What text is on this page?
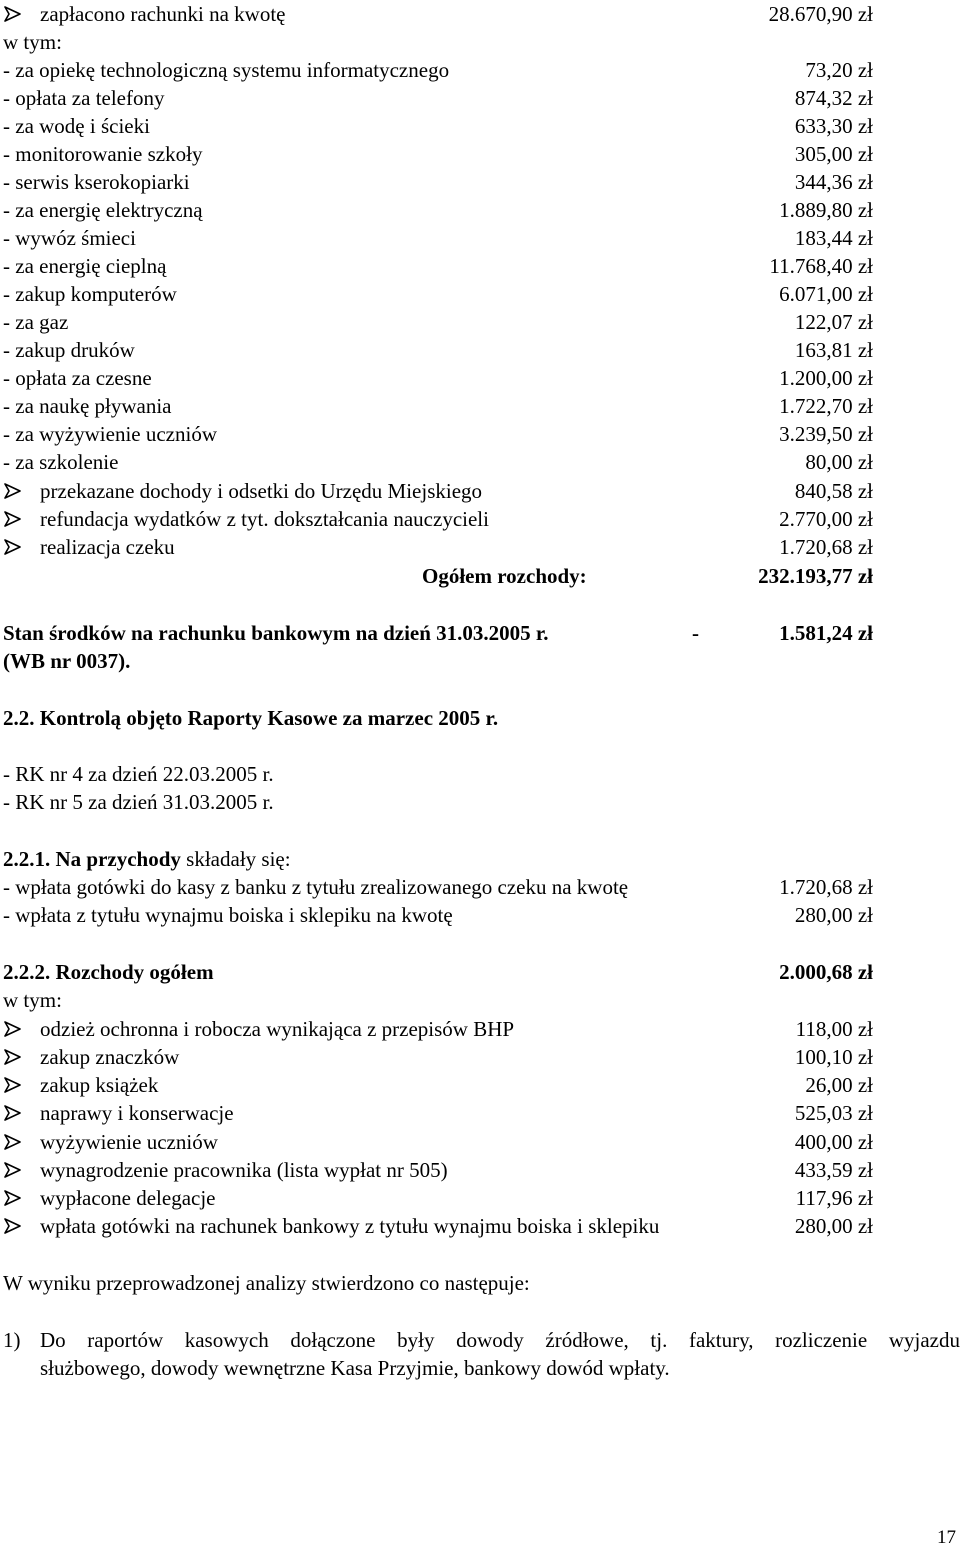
zapłacono rachunki na kwotę	28.670,90 zł
w tym:
- za opiekę technologiczną systemu informatycznego	73,20 zł
- opłata za telefony	874,32 zł
- za wodę i ścieki	633,30 zł
- monitorowanie szkoły	305,00 zł
- serwis kserokopiarki	344,36 zł
- za energię elektryczną	1.889,80 zł
- wywóz śmieci	183,44 zł
- za energię cieplną	11.768,40 zł
- zakup komputerów	6.071,00 zł
- za gaz	122,07 zł
- zakup druków	163,81 zł
- opłata za czesne	1.200,00 zł
- za naukę pływania	1.722,70 zł
- za wyżywienie uczniów	3.239,50 zł
- za szkolenie	80,00 zł
przekazane dochody i odsetki do Urzędu Miejskiego	840,58 zł
refundacja wydatków z tyt. dokształcania nauczycieli	2.770,00 zł
realizacja czeku	1.720,68 zł
Ogółem rozchody:	232.193,77 zł
Stan środków na rachunku bankowym na dzień 31.03.2005 r.	-	1.581,24 zł
(WB nr 0037).
2.2. Kontrolą objęto Raporty Kasowe za marzec 2005 r.
- RK nr 4 za dzień 22.03.2005 r.
- RK nr 5 za dzień 31.03.2005 r.
2.2.1. Na przychody składały się:
- wpłata gotówki do kasy z banku z tytułu zrealizowanego czeku na kwotę	1.720,68 zł
- wpłata z tytułu wynajmu boiska i sklepiku na kwotę	280,00 zł
2.2.2. Rozchody ogółem	2.000,68 zł
w tym:
odzież ochronna i robocza wynikająca z przepisów BHP	118,00 zł
zakup znaczków	100,10 zł
zakup książek	26,00 zł
naprawy i konserwacje	525,03 zł
wyżywienie uczniów	400,00 zł
wynagrodzenie pracownika (lista wypłat nr 505)	433,59 zł
wypłacone delegacje	117,96 zł
wpłata gotówki na rachunek bankowy z tytułu wynajmu boiska i sklepiku	280,00 zł
W wyniku przeprowadzonej analizy stwierdzono co następuje:
1) Do raportów kasowych dołączone były dowody źródłowe, tj. faktury, rozliczenie wyjazdu
służbowego, dowody wewnętrzne Kasa Przyjmie, bankowy dowód wpłaty.
17
